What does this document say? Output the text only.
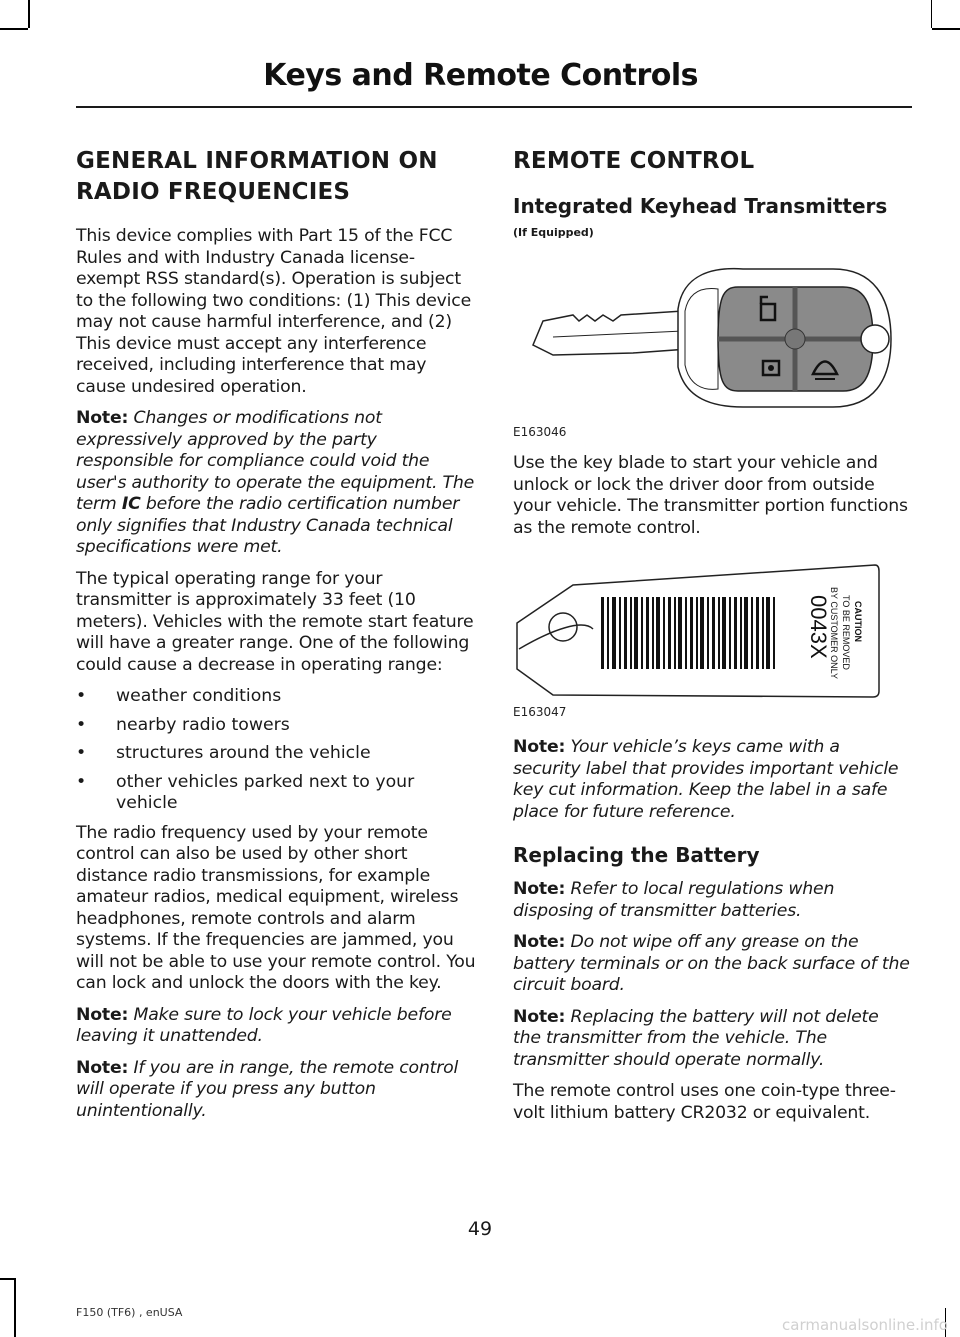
Keys and Remote Controls
GENERAL INFORMATION ON RADIO FREQUENCIES

This device complies with Part 15 of the FCC Rules and with Industry Canada license-exempt RSS standard(s). Operation is subject to the following two conditions: (1) This device may not cause harmful interference, and (2) This device must accept any interference received, including interference that may cause undesired operation.

Note: Changes or modifications not expressively approved by the party responsible for compliance could void the user's authority to operate the equipment. The term IC before the radio certification number only signifies that Industry Canada technical specifications were met.

The typical operating range for your transmitter is approximately 33 feet (10 meters). Vehicles with the remote start feature will have a greater range. One of the following could cause a decrease in operating range:

• weather conditions
• nearby radio towers
• structures around the vehicle
• other vehicles parked next to your vehicle

The radio frequency used by your remote control can also be used by other short distance radio transmissions, for example amateur radios, medical equipment, wireless headphones, remote controls and alarm systems. If the frequencies are jammed, you will not be able to use your remote control. You can lock and unlock the doors with the key.

Note: Make sure to lock your vehicle before leaving it unattended.

Note: If you are in range, the remote control will operate if you press any button unintentionally.

REMOTE CONTROL
Integrated Keyhead Transmitters
(If Equipped)
E163046

Use the key blade to start your vehicle and unlock or lock the driver door from outside your vehicle. The transmitter portion functions as the remote control.

0043X
BY CUSTOMER ONLY TO BE REMOVED CAUTION
E163047

Note: Your vehicle’s keys came with a security label that provides important vehicle key cut information. Keep the label in a safe place for future reference.

Replacing the Battery

Note: Refer to local regulations when disposing of transmitter batteries.

Note: Do not wipe off any grease on the battery terminals or on the back surface of the circuit board.

Note: Replacing the battery will not delete the transmitter from the vehicle. The transmitter should operate normally.

The remote control uses one coin-type three-volt lithium battery CR2032 or equivalent.

49
F150 (TF6) , enUSA
carmanualsonline.info
